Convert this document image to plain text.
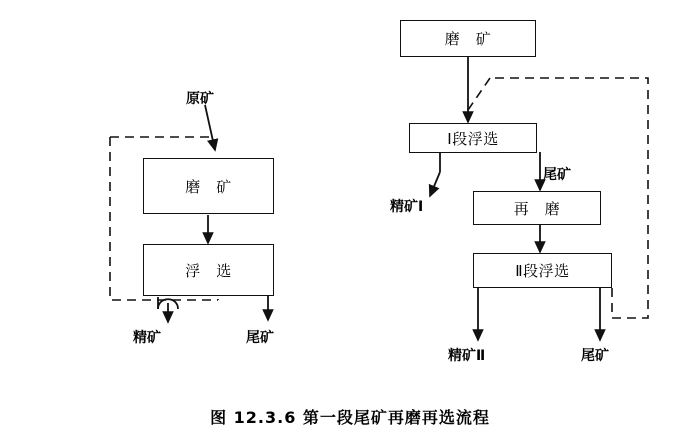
磨　矿
浮　选
原矿
精矿	尾矿
磨　矿
Ⅰ段浮选
再　磨
Ⅱ段浮选
尾矿
精矿Ⅰ
精矿Ⅱ	尾矿
图 12.3.6 第一段尾矿再磨再选流程
